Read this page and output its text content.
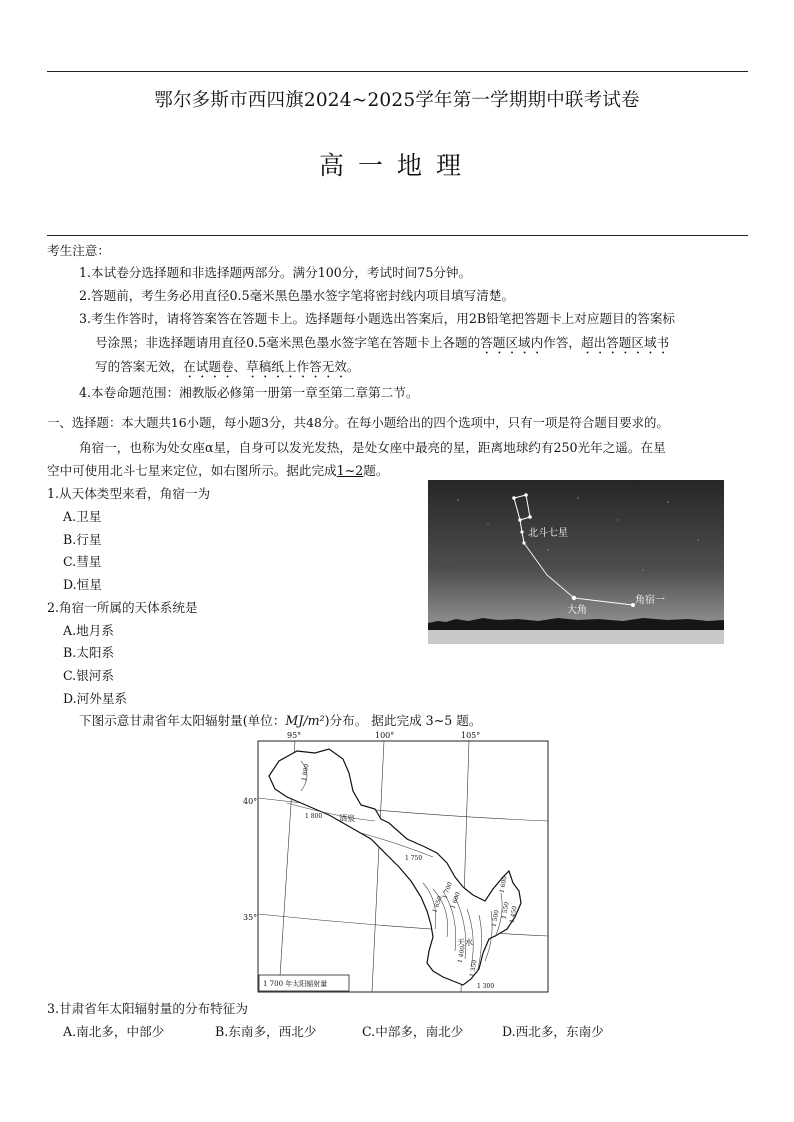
鄂尔多斯市西四旗2024~2025学年第一学期期中联考试卷
高一地理
考生注意：
1.本试卷分选择题和非选择题两部分。满分100分，考试时间75分钟。
2.答题前，考生务必用直径0.5毫米黑色墨水签字笔将密封线内项目填写清楚。
3.考生作答时，请将答案答在答题卡上。选择题每小题选出答案后，用2B铅笔把答题卡上对应题目的答案标
号涂黑；非选择题请用直径0.5毫米黑色墨水签字笔在答题卡上各题的答题区域内作答，超出答题区域书
写的答案无效，在试题卷、草稿纸上作答无效。
4.本卷命题范围：湘教版必修第一册第一章至第二章第二节。
一、选择题：本大题共16小题，每小题3分，共48分。在每小题给出的四个选项中，只有一项是符合题目要求的。
角宿一，也称为处女座α星，自身可以发光发热，是处女座中最亮的星，距离地球约有250光年之遥。在星
空中可使用北斗七星来定位，如右图所示。据此完成1~2题。
1.从天体类型来看，角宿一为
A.卫星
B.行星
C.彗星
D.恒星
2.角宿一所属的天体系统是
A.地月系
B.太阳系
C.银河系
D.河外星系
北斗七星
角宿一
大角
下图示意甘肃省年太阳辐射量(单位：MJ/m²)分布。 据此完成 3~5 题。
95°	100°	105°
40°
35°
酒泉
天水
1 800
1 800
1 750
1 700
1 650 1 600
1 600
1 550
1 500 1 450
1 400
1 350
1 300
1 700 年太阳辐射量
3.甘肃省年太阳辐射量的分布特征为
A.南北多，中部少	B.东南多，西北少	C.中部多，南北少	D.西北多，东南少
